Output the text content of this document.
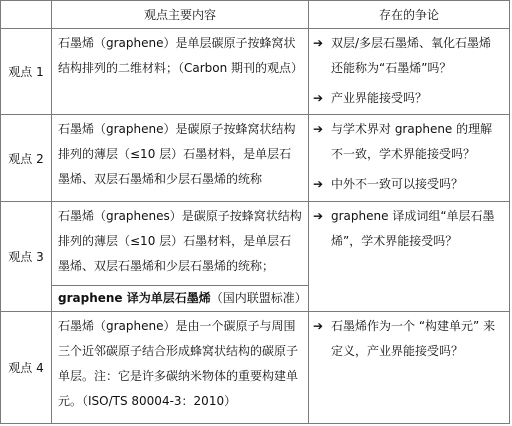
观点主要内容	存在的争论
观点 1

石墨烯（graphene）是单层碳原子按蜂窝状结构排列的二维材料；（Carbon 期刊的观点）

➔ 双层/多层石墨烯、氧化石墨烯还能称为“石墨烯”吗？
➔ 产业界能接受吗？
观点 2

石墨烯（graphene）是碳原子按蜂窝状结构排列的薄层（≤10 层）石墨材料，是单层石墨烯、双层石墨烯和少层石墨烯的统称

➔ 与学术界对 graphene 的理解不一致，学术界能接受吗？
➔ 中外不一致可以接受吗？
观点 3

石墨烯（graphenes）是碳原子按蜂窝状结构排列的薄层（≤10 层）石墨材料，是单层石墨烯、双层石墨烯和少层石墨烯的统称；

graphene 译为单层石墨烯（国内联盟标准）
➔ graphene 译成词组“单层石墨烯”，学术界能接受吗？
观点 4

石墨烯（graphene）是由一个碳原子与周围三个近邻碳原子结合形成蜂窝状结构的碳原子单层。注：它是许多碳纳米物体的重要构建单元。（ISO/TS 80004-3：2010）

➔ 石墨烯作为一个 “构建单元” 来定义，产业界能接受吗？
